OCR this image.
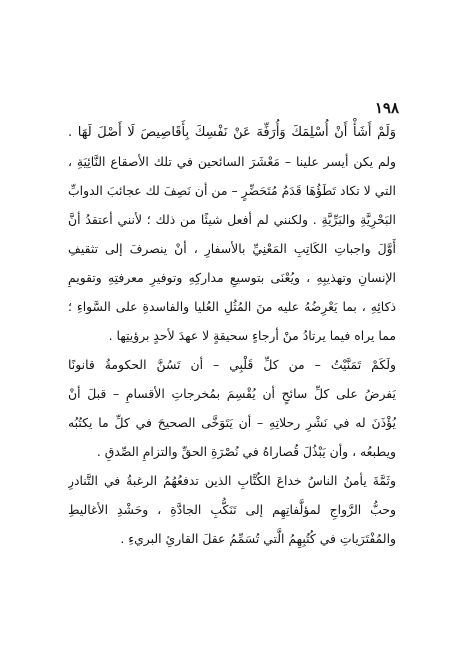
١٩٨
وَلَمْ أَشَأْ أَنْ أُسْلِمَكَ وَأُرَفِّهَ عَنْ نَفْسِكَ بِأَقَاصِيصَ لَا أَصْلَ لَهَا .
ولم يكن أيسر علينا – مَعْشَرَ السائحين في تلك الأصقاع النَّائِيَةِ ،
التي لا تكاد تَطَؤُهَا قَدَمُ مُتَحَضِّرٍ – من أن نَصِفَ لك عجائبَ الدوابِّ
البَحْرِيَّةِ والبَرِّيَّةِ . ولكنني لم أفعل شيئًا من ذلك ؛ لأنني أعتقدُ أنَّ
أَوَّلَ واجباتِ الكَاتِبِ المَعْنِيِّ بالأسفارِ ، أنْ ينصرفَ إلى تثقيفِ
الإنسانِ وتهذيبِهِ ، ويُعْنَى بتوسيعِ مداركِهِ وتوفيرِ معرفتِهِ وتقويمِ
ذكائِهِ ، بما يَعْرِضُهُ عليه منَ المُثُلِ العُليا والفاسدةِ على السَّواءِ ؛
مما يراه فيما يرتادُ منْ أرجاءٍ سحيقةٍ لا عهدَ لأحدٍ برؤيتِها .
ولَكَمْ تَمَنَّيْتُ – من كلِّ قَلْبِي – أن تَسُنَّ الحكومةُ قانونًا
يَفرضُ على كلِّ سائحٍ أن يُقْسِمَ بمُخرجاتِ الأقسامِ – قبلَ أنْ
يُؤْذَنَ له في نَشْرِ رحلاتِهِ – أن يَتَوَخَّى الصحيحَ في كلِّ ما يكتُبُه
ويطبعُه ، وأن يَبْذُلَ قُصاراهُ في نُصْرَةِ الحقِّ والتزامِ الصِّدقِ .
وثَمَّةَ يأمنُ الناسُ خداعَ الكُتَّابِ الذين تدفعُهُمُ الرغبةُ في التَّنادرِ
وحبُّ الرَّواجِ لمؤلَّفاتِهِم إلى تَنَكُّبِ الجادَّةِ ، وحَشْدِ الأغاليطِ
والمُفْتَرَياتِ في كُتُبِهِمُ الَّتي تُسَمِّمُ عقلَ القارئِ البريءِ .
